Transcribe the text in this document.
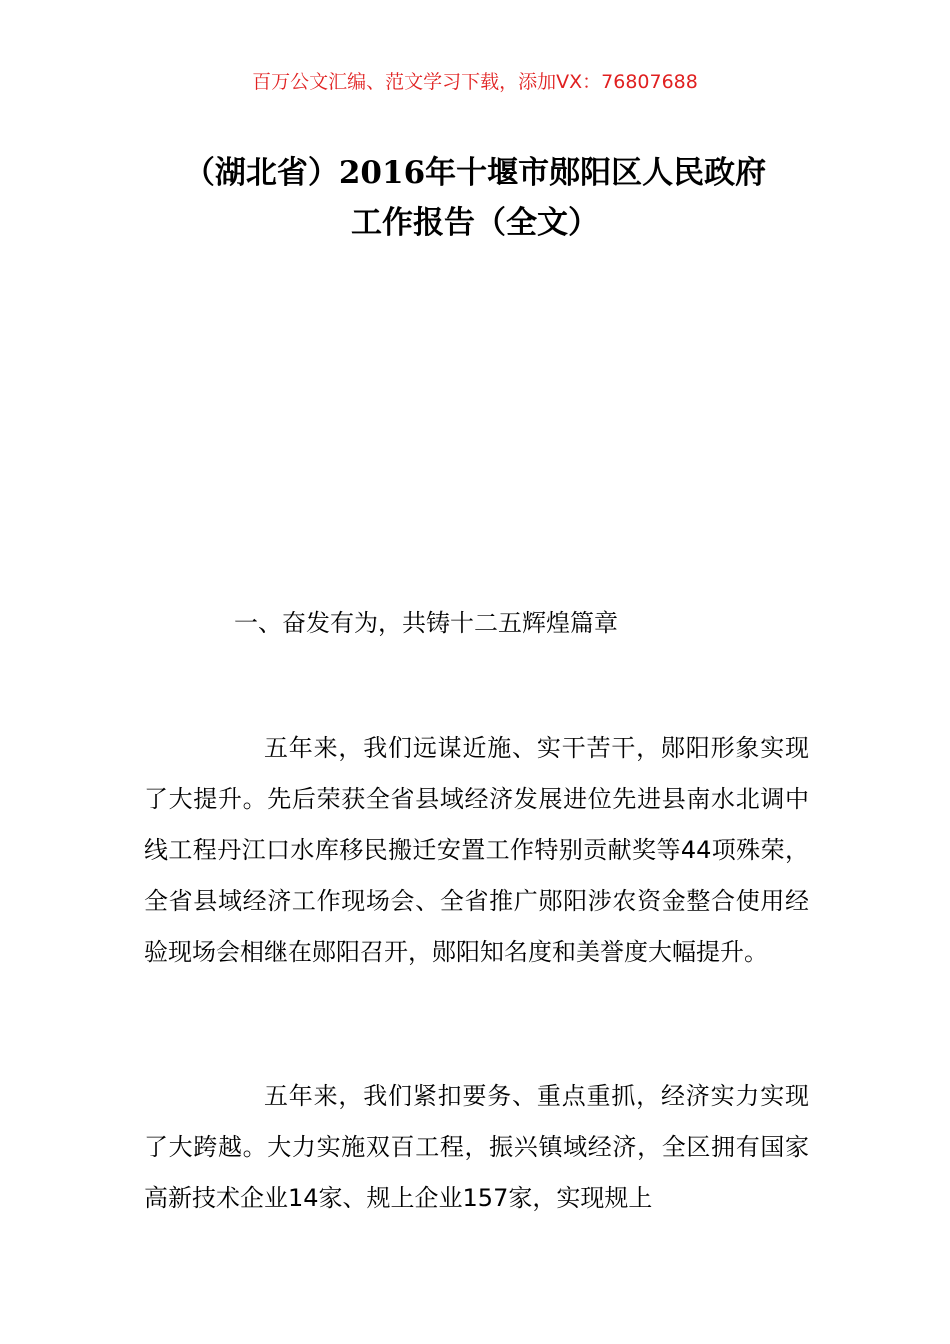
百万公文汇编、范文学习下载，添加VX：76807688
（湖北省）2016年十堰市郧阳区人民政府
工作报告（全文）
一、奋发有为，共铸十二五辉煌篇章

五年来，我们远谋近施、实干苦干，郧阳形象实现了大提升。先后荣获全省县域经济发展进位先进县南水北调中线工程丹江口水库移民搬迁安置工作特别贡献奖等44项殊荣，全省县域经济工作现场会、全省推广郧阳涉农资金整合使用经验现场会相继在郧阳召开，郧阳知名度和美誉度大幅提升。

五年来，我们紧扣要务、重点重抓，经济实力实现了大跨越。大力实施双百工程，振兴镇域经济，全区拥有国家高新技术企业14家、规上企业157家，实现规上
